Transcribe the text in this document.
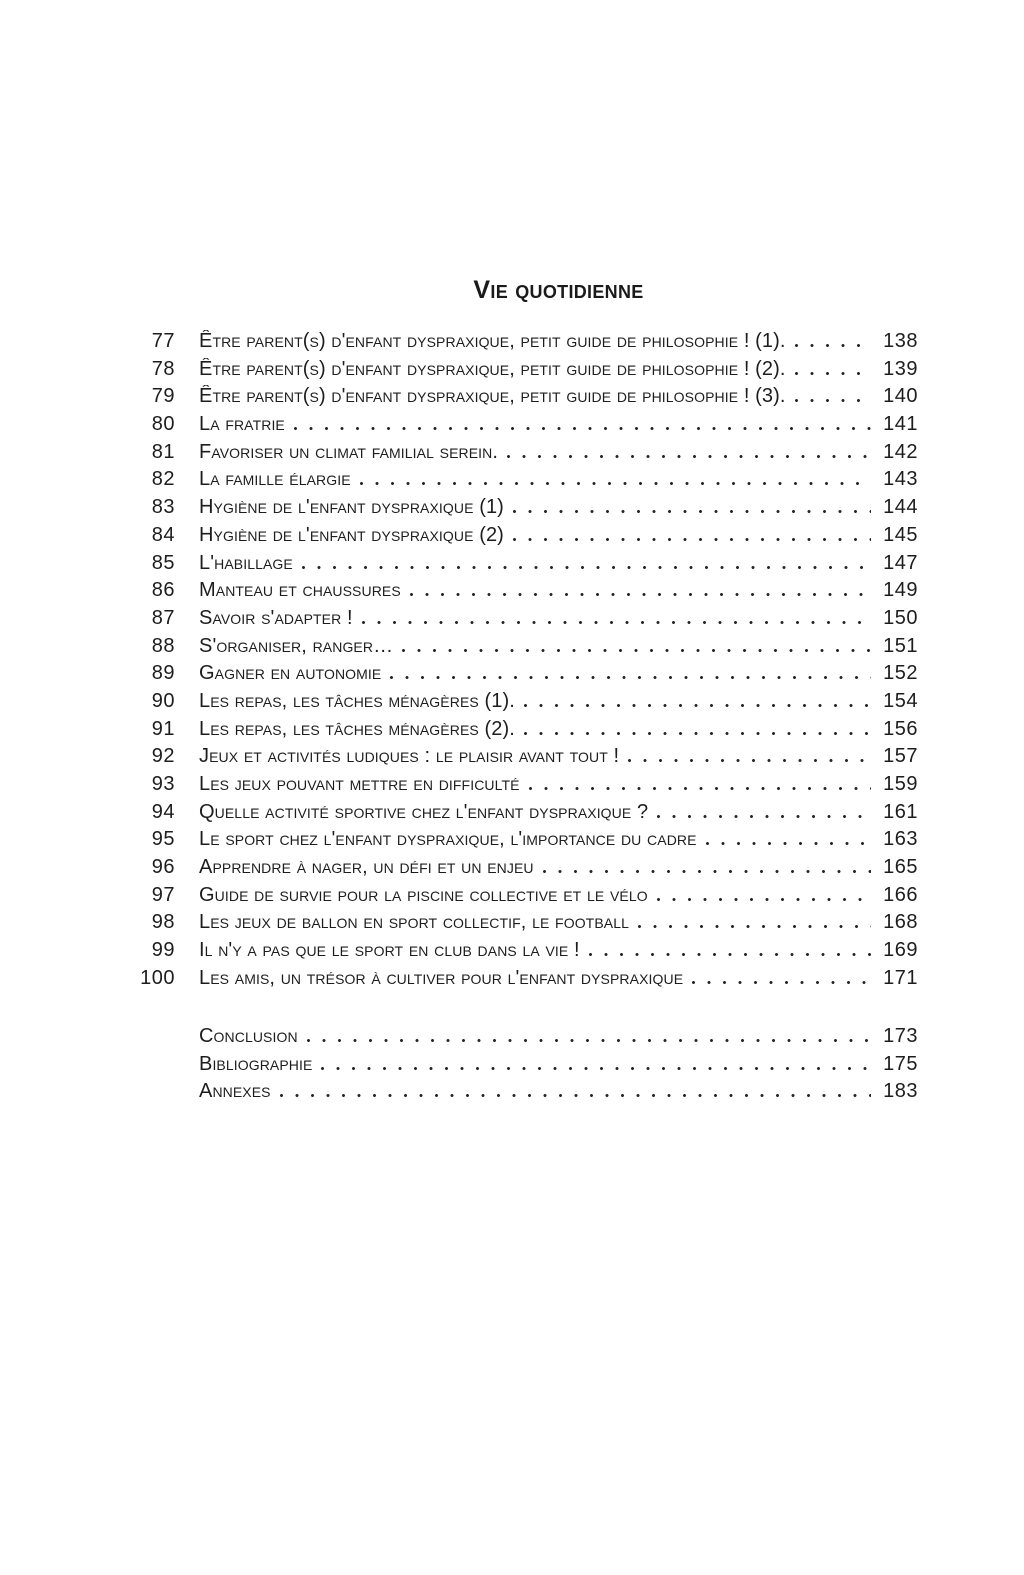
Vie quotidienne
77 Être parent(s) d'enfant dyspraxique, petit guide de philosophie ! (1).	138
78 Être parent(s) d'enfant dyspraxique, petit guide de philosophie ! (2).	139
79 Être parent(s) d'enfant dyspraxique, petit guide de philosophie ! (3).	140
80 La fratrie	141
81 Favoriser un climat familial serein.	142
82 La famille élargie	143
83 Hygiène de l'enfant dyspraxique (1)	144
84 Hygiène de l'enfant dyspraxique (2)	145
85 L'habillage	147
86 Manteau et chaussures	149
87 Savoir s'adapter !	150
88 S'organiser, ranger…	151
89 Gagner en autonomie	152
90 Les repas, les tâches ménagères (1).	154
91 Les repas, les tâches ménagères (2).	156
92 Jeux et activités ludiques : le plaisir avant tout !	157
93 Les jeux pouvant mettre en difficulté	159
94 Quelle activité sportive chez l'enfant dyspraxique ?	161
95 Le sport chez l'enfant dyspraxique, l'importance du cadre	163
96 Apprendre à nager, un défi et un enjeu	165
97 Guide de survie pour la piscine collective et le vélo	166
98 Les jeux de ballon en sport collectif, le football	168
99 Il n'y a pas que le sport en club dans la vie !	169
100 Les amis, un trésor à cultiver pour l'enfant dyspraxique	171
Conclusion	173
Bibliographie	175
Annexes	183
